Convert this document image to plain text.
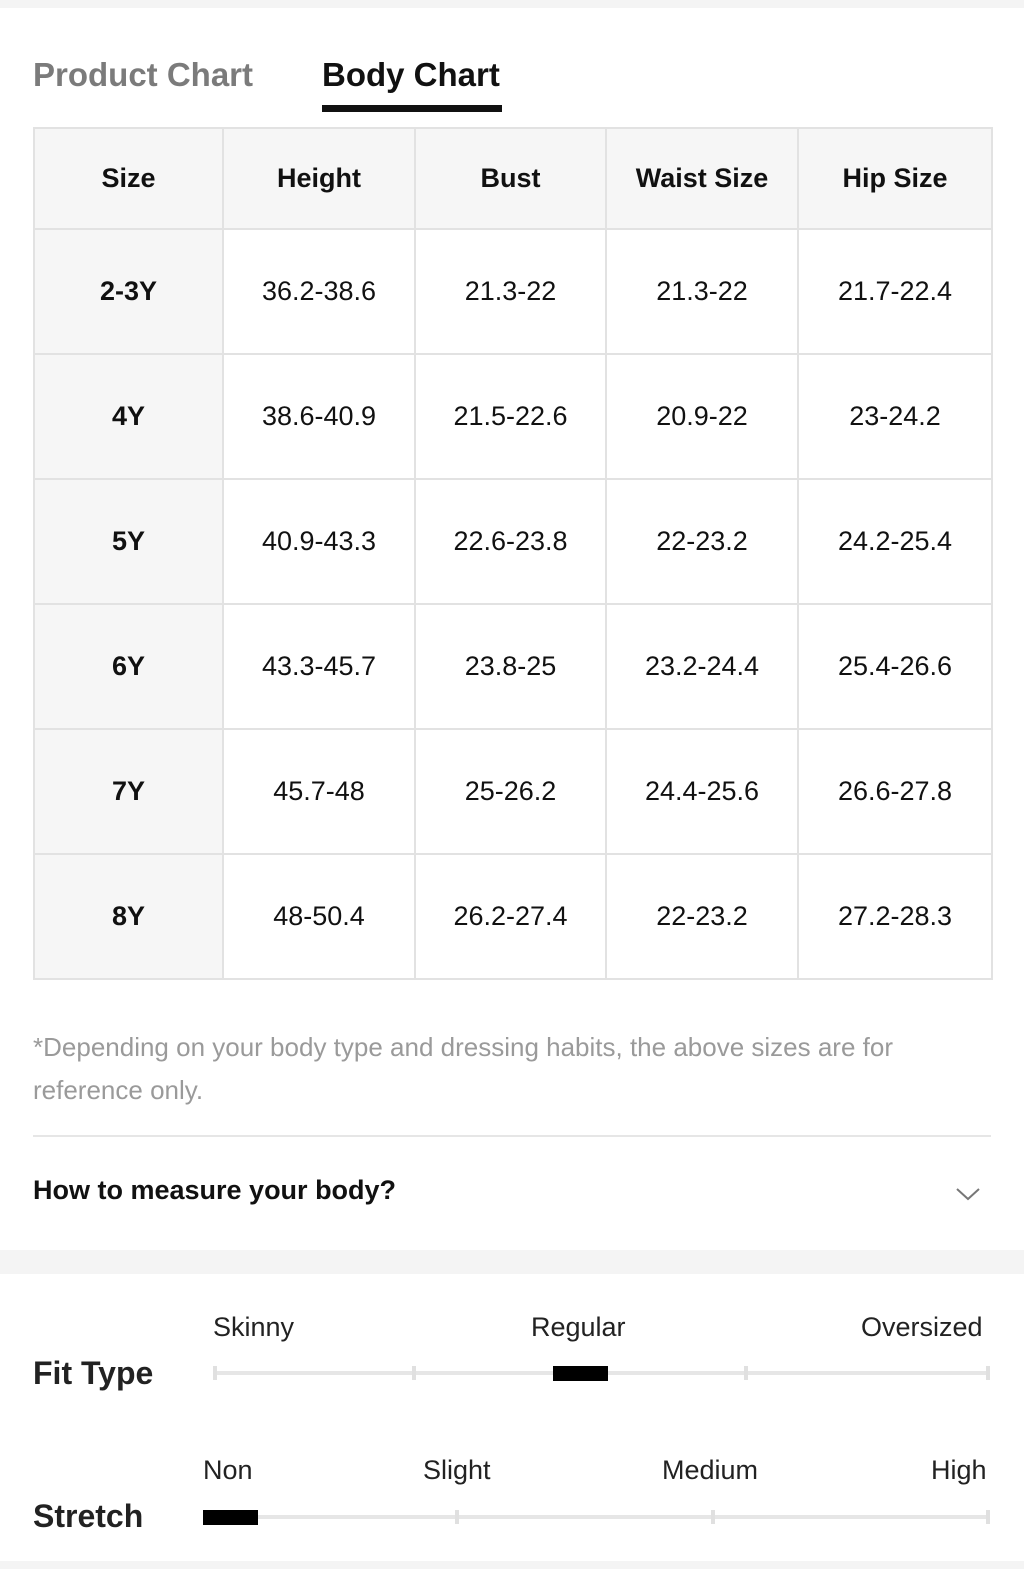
Product Chart Body Chart
Size	Height	Bust	Waist Size	Hip Size
2-3Y	36.2-38.6	21.3-22	21.3-22	21.7-22.4
4Y	38.6-40.9	21.5-22.6	20.9-22	23-24.2
5Y	40.9-43.3	22.6-23.8	22-23.2	24.2-25.4
6Y	43.3-45.7	23.8-25	23.2-24.4	25.4-26.6
7Y	45.7-48	25-26.2	24.4-25.6	26.6-27.8
8Y	48-50.4	26.2-27.4	22-23.2	27.2-28.3
*Depending on your body type and dressing habits, the above sizes are for reference only.
How to measure your body?
Fit Type
Skinny	Regular	Oversized
Stretch
Non	Slight	Medium	High
